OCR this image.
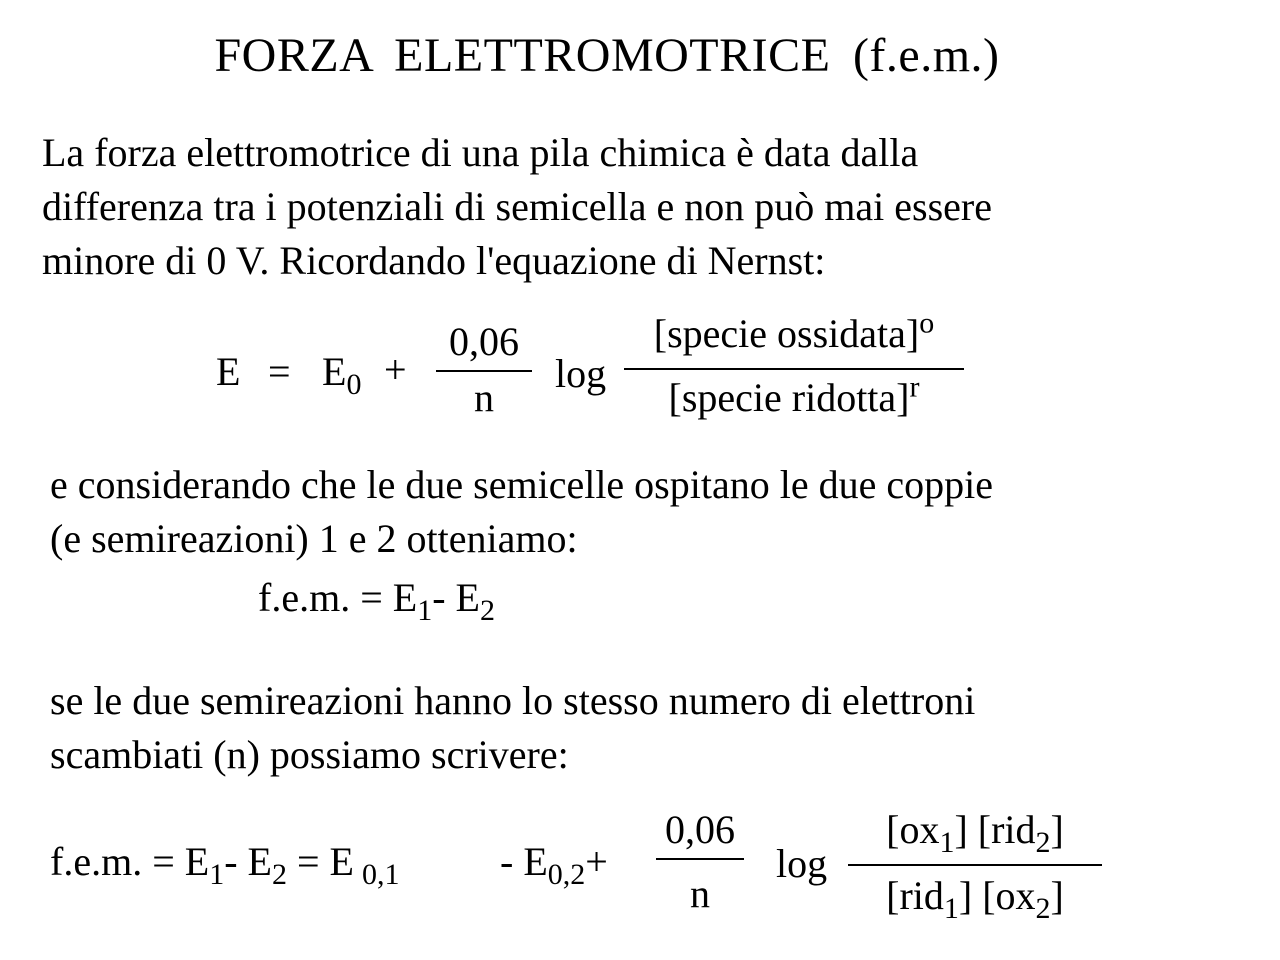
FORZA ELETTROMOTRICE (f.e.m.)
La forza elettromotrice di una pila chimica è data dalla
differenza tra i potenziali di semicella e non può mai essere
minore di 0 V. Ricordando l'equazione di Nernst:
$E = E_0$ +
0,06
n
log
[specie ossidata]$^o$
[specie ridotta]$^r$
e considerando che le due semicelle ospitano le due coppie
(e semireazioni) 1 e 2 otteniamo:
f.e.m. = $E_1-$ $E_2$
se le due semireazioni hanno lo stesso numero di elettroni
scambiati (n) possiamo scrivere:
f.e.m. = $E_1-$ $E_2 = E$ $_{0,1}$	- $E_{0,2}+$
0,06
n
log
$[ox_1]$ [rid$_2$]
[rid$_1$] $[ox_2]$
